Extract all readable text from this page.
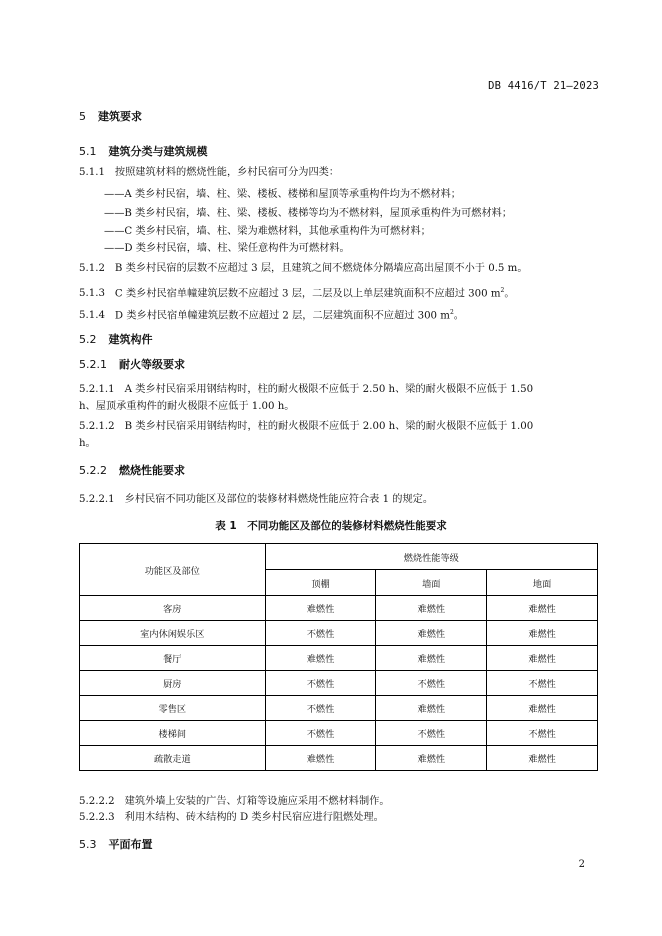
DB 4416/T 21—2023
5 建筑要求
5.1 建筑分类与建筑规模
5.1.1 按照建筑材料的燃烧性能，乡村民宿可分为四类：
——A 类乡村民宿，墙、柱、梁、楼板、楼梯和屋顶等承重构件均为不燃材料；
——B 类乡村民宿，墙、柱、梁、楼板、楼梯等均为不燃材料，屋顶承重构件为可燃材料；
——C 类乡村民宿，墙、柱、梁为难燃材料，其他承重构件为可燃材料；
——D 类乡村民宿，墙、柱、梁任意构件为可燃材料。
5.1.2 B 类乡村民宿的层数不应超过 3 层，且建筑之间不燃烧体分隔墙应高出屋顶不小于 0.5 m。
5.1.3 C 类乡村民宿单幢建筑层数不应超过 3 层，二层及以上单层建筑面积不应超过 300 $m^2$。
5.1.4 D 类乡村民宿单幢建筑层数不应超过 2 层，二层建筑面积不应超过 300 $m^2$。
5.2 建筑构件
5.2.1 耐火等级要求
5.2.1.1 A 类乡村民宿采用钢结构时，柱的耐火极限不应低于 2.50 h、梁的耐火极限不应低于 1.50
h、屋顶承重构件的耐火极限不应低于 1.00 h。
5.2.1.2 B 类乡村民宿采用钢结构时，柱的耐火极限不应低于 2.00 h、梁的耐火极限不应低于 1.00
h。
5.2.2 燃烧性能要求
5.2.2.1 乡村民宿不同功能区及部位的装修材料燃烧性能应符合表 1 的规定。
表 1　不同功能区及部位的装修材料燃烧性能要求
功能区及部位	燃烧性能等级		
	顶棚	墙面	地面
客房	难燃性	难燃性	难燃性
室内休闲娱乐区	不燃性	难燃性	难燃性
餐厅	难燃性	难燃性	难燃性
厨房	不燃性	不燃性	不燃性
零售区	不燃性	难燃性	难燃性
楼梯间	不燃性	不燃性	不燃性
疏散走道	难燃性	难燃性	难燃性
5.2.2.2 建筑外墙上安装的广告、灯箱等设施应采用不燃材料制作。
5.2.2.3 利用木结构、砖木结构的 D 类乡村民宿应进行阻燃处理。
5.3 平面布置
2
